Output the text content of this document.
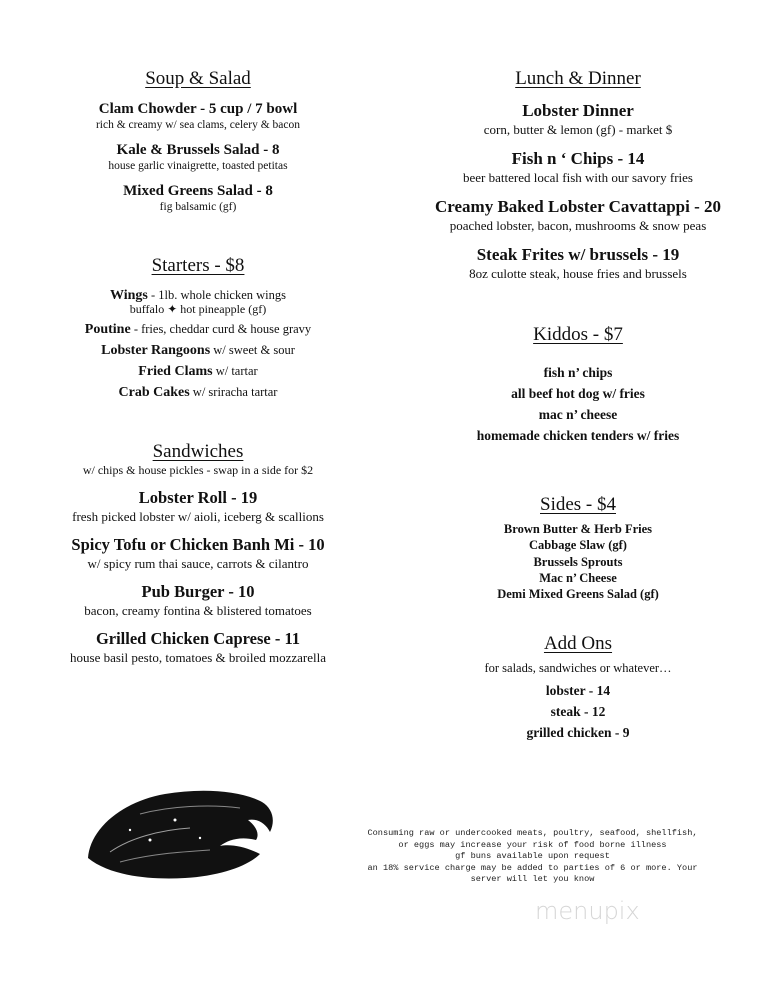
Soup & Salad
Clam Chowder - 5 cup / 7 bowl
rich & creamy w/ sea clams, celery & bacon
Kale & Brussels Salad - 8
house garlic vinaigrette, toasted petitas
Mixed Greens Salad - 8
fig balsamic (gf)
Starters - $8
Wings - 1lb. whole chicken wings
buffalo ✦ hot pineapple (gf)
Poutine - fries, cheddar curd & house gravy
Lobster Rangoons w/ sweet & sour
Fried Clams w/ tartar
Crab Cakes w/ sriracha tartar
Sandwiches
w/ chips & house pickles - swap in a side for $2
Lobster Roll - 19
fresh picked lobster w/ aioli, iceberg & scallions
Spicy Tofu or Chicken Banh Mi - 10
w/ spicy rum thai sauce, carrots & cilantro
Pub Burger - 10
bacon, creamy fontina & blistered tomatoes
Grilled Chicken Caprese - 11
house basil pesto, tomatoes & broiled mozzarella
Lunch & Dinner
Lobster Dinner
corn, butter & lemon (gf) - market $
Fish n ‘ Chips - 14
beer battered local fish with our savory fries
Creamy Baked Lobster Cavattappi - 20
poached lobster, bacon, mushrooms & snow peas
Steak Frites w/ brussels - 19
8oz culotte steak, house fries and brussels
Kiddos - $7
fish n’ chips
all beef hot dog w/ fries
mac n’ cheese
homemade chicken tenders w/ fries
Sides - $4
Brown Butter & Herb Fries
Cabbage Slaw (gf)
Brussels Sprouts
Mac n’ Cheese
Demi Mixed Greens Salad (gf)
Add Ons
for salads, sandwiches or whatever…
lobster - 14
steak - 12
grilled chicken - 9
Consuming raw or undercooked meats, poultry, seafood, shellfish,
or eggs may increase your risk of food borne illness
gf buns available upon request
an 18% service charge may be added to parties of 6 or more. Your
server will let you know
menupix
